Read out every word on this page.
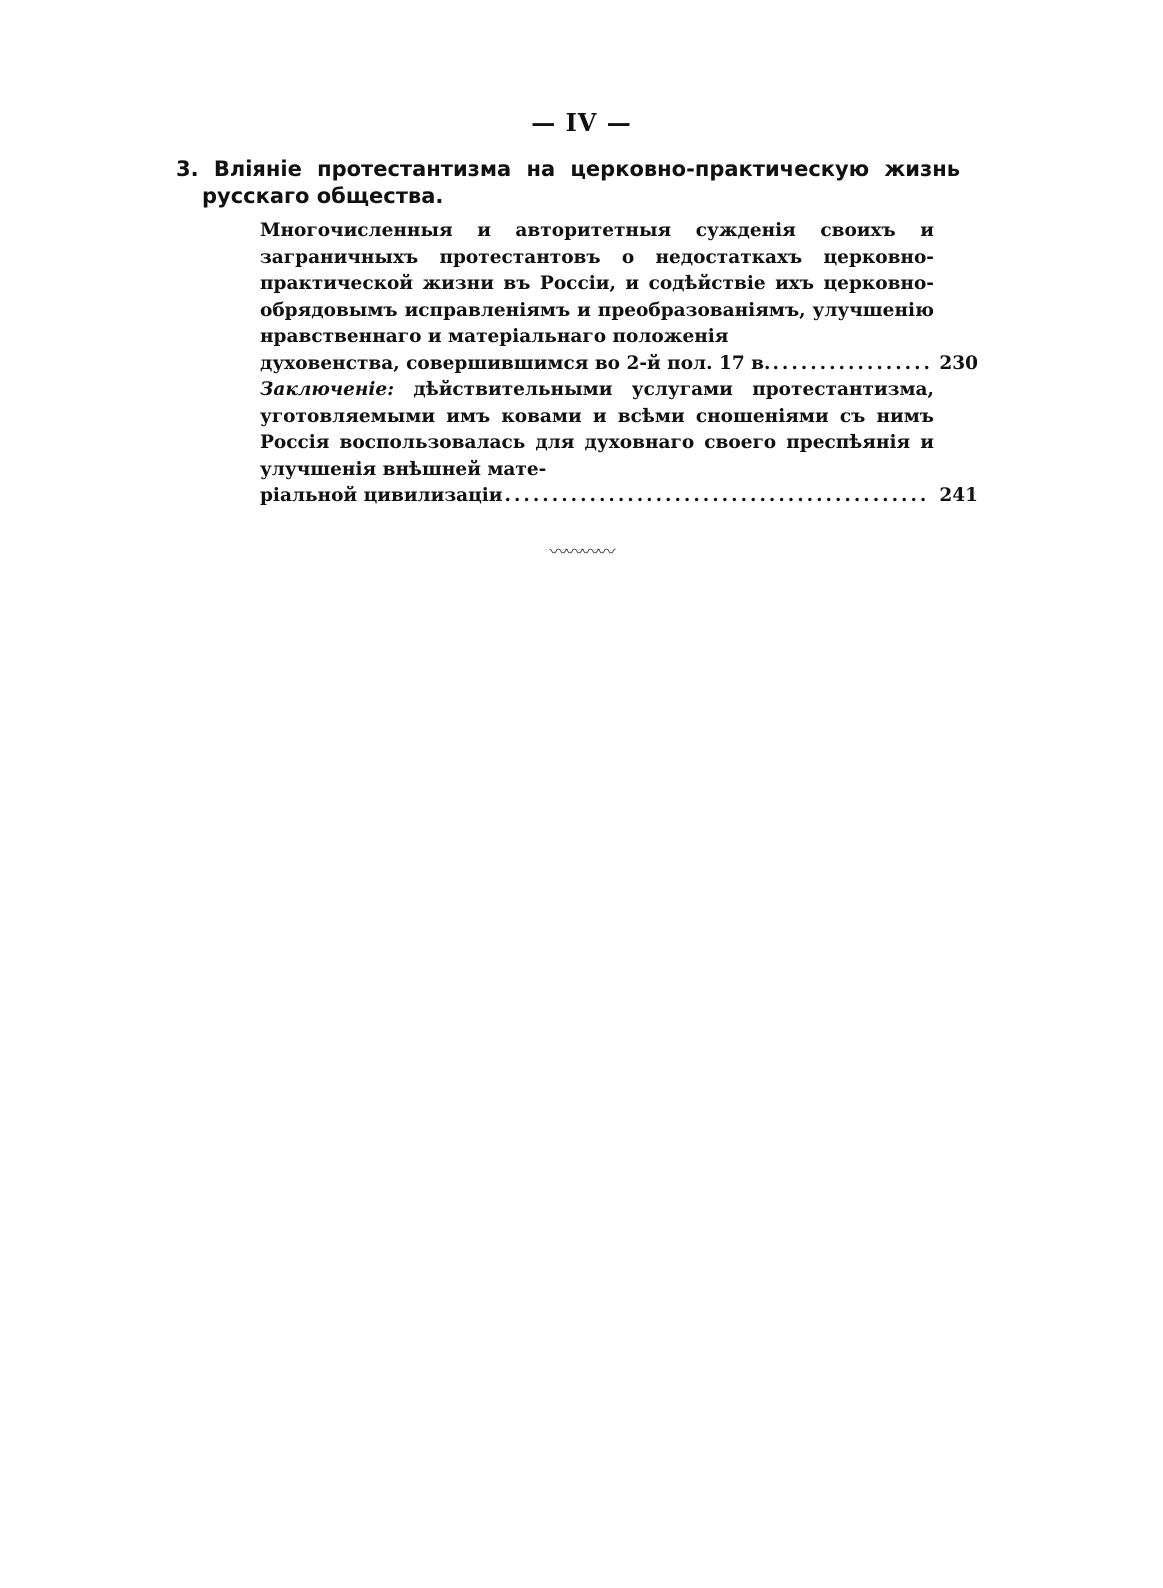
— IV —

3. Вліяніе протестантизма на церковно-практическую жизнь русскаго общества.

Многочисленныя и авторитетныя сужденія своихъ и заграничныхъ протестантовъ о недостаткахъ церковно-практической жизни въ Россіи, и содѣйствіе ихъ церковно-обрядовымъ исправленіямъ и преобразованіямъ, улучшенію нравственнаго и матеріальнаго положенія

духовенства, совершившимся во 2-й пол. 17 в. .....	230

Заключеніе: дѣйствительными услугами протестантизма, уготовляемыми имъ ковами и всѣми сношеніями съ нимъ Россія воспользовалась для духовнаго своего преспѣянія и улучшенія внѣшней мате-

ріальной цивилизаціи .....	241
〰〰〰〰
